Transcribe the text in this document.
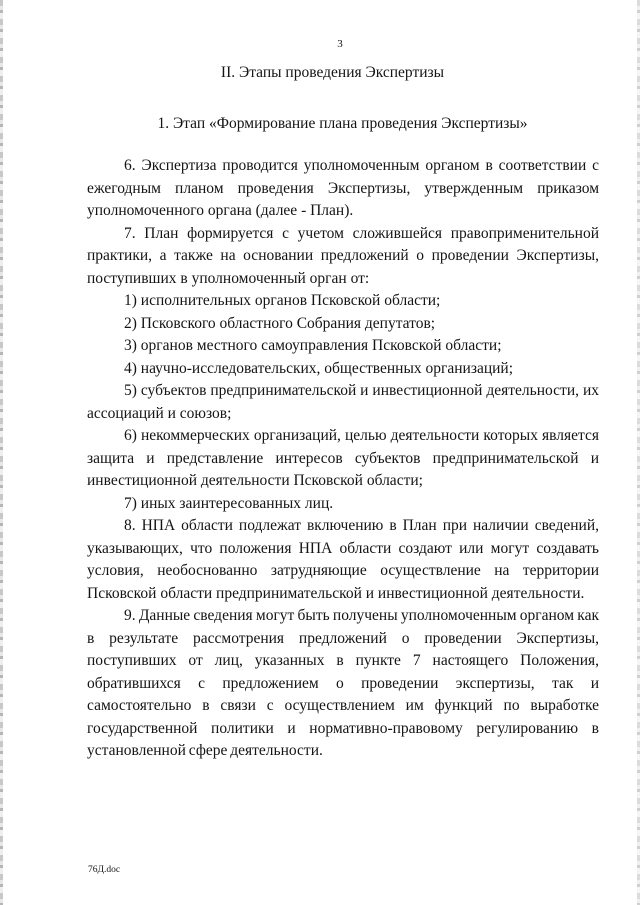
3
II. Этапы проведения Экспертизы
1. Этап «Формирование плана проведения Экспертизы»

6. Экспертиза проводится уполномоченным органом в соответствии с ежегодным планом проведения Экспертизы, утвержденным приказом уполномоченного органа (далее - План).

7. План формируется с учетом сложившейся правоприменительной практики, а также на основании предложений о проведении Экспертизы, поступивших в уполномоченный орган от:

1) исполнительных органов Псковской области;

2) Псковского областного Собрания депутатов;

3) органов местного самоуправления Псковской области;

4) научно-исследовательских, общественных организаций;

5) субъектов предпринимательской и инвестиционной деятельности, их ассоциаций и союзов;

6) некоммерческих организаций, целью деятельности которых является защита и представление интересов субъектов предпринимательской и инвестиционной деятельности Псковской области;

7) иных заинтересованных лиц.

8. НПА области подлежат включению в План при наличии сведений, указывающих, что положения НПА области создают или могут создавать условия, необоснованно затрудняющие осуществление на территории Псковской области предпринимательской и инвестиционной деятельности.

9. Данные сведения могут быть получены уполномоченным органом как в результате рассмотрения предложений о проведении Экспертизы, поступивших от лиц, указанных в пункте 7 настоящего Положения, обратившихся с предложением о проведении экспертизы, так и самостоятельно в связи с осуществлением им функций по выработке государственной политики и нормативно-правовому регулированию в установленной сфере деятельности.

76Д.doc
